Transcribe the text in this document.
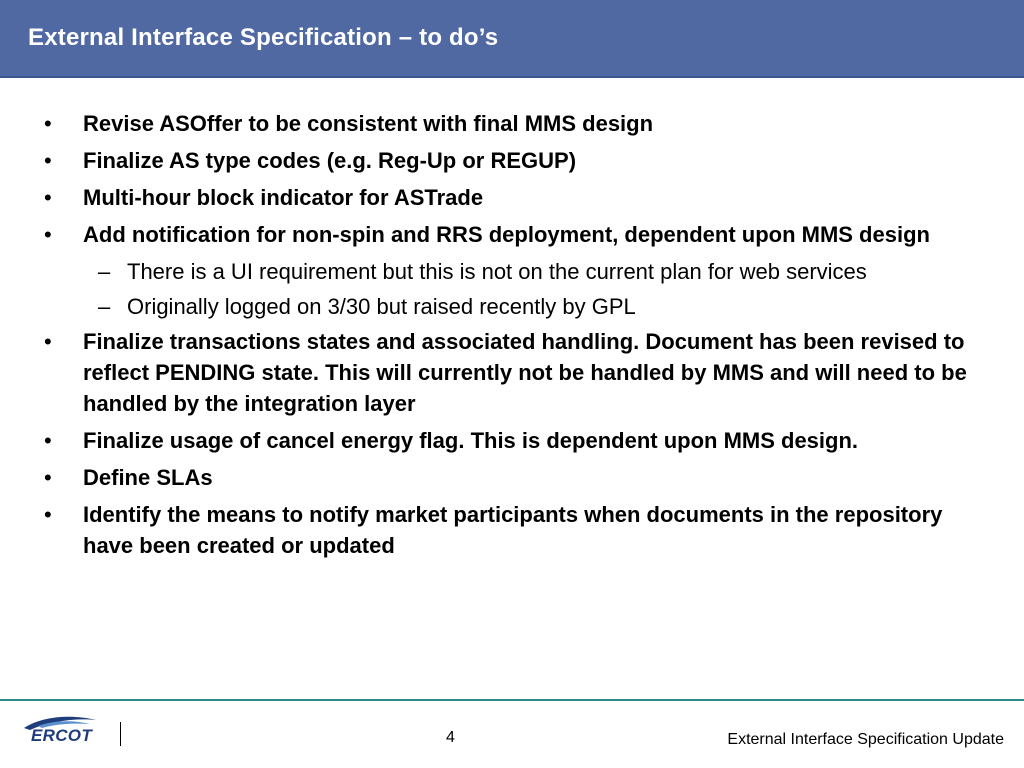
External Interface Specification – to do’s
• Revise ASOffer to be consistent with final MMS design
• Finalize AS type codes (e.g. Reg-Up or REGUP)
• Multi-hour block indicator for ASTrade
• Add notification for non-spin and RRS deployment, dependent upon MMS design
– There is a UI requirement but this is not on the current plan for web services
– Originally logged on 3/30 but raised recently by GPL
• Finalize transactions states and associated handling. Document has been revised to reflect PENDING state. This will currently not be handled by MMS and will need to be handled by the integration layer
• Finalize usage of cancel energy flag. This is dependent upon MMS design.
• Define SLAs
• Identify the means to notify market participants when documents in the repository have been created or updated
ERCOT	4	External Interface Specification Update
